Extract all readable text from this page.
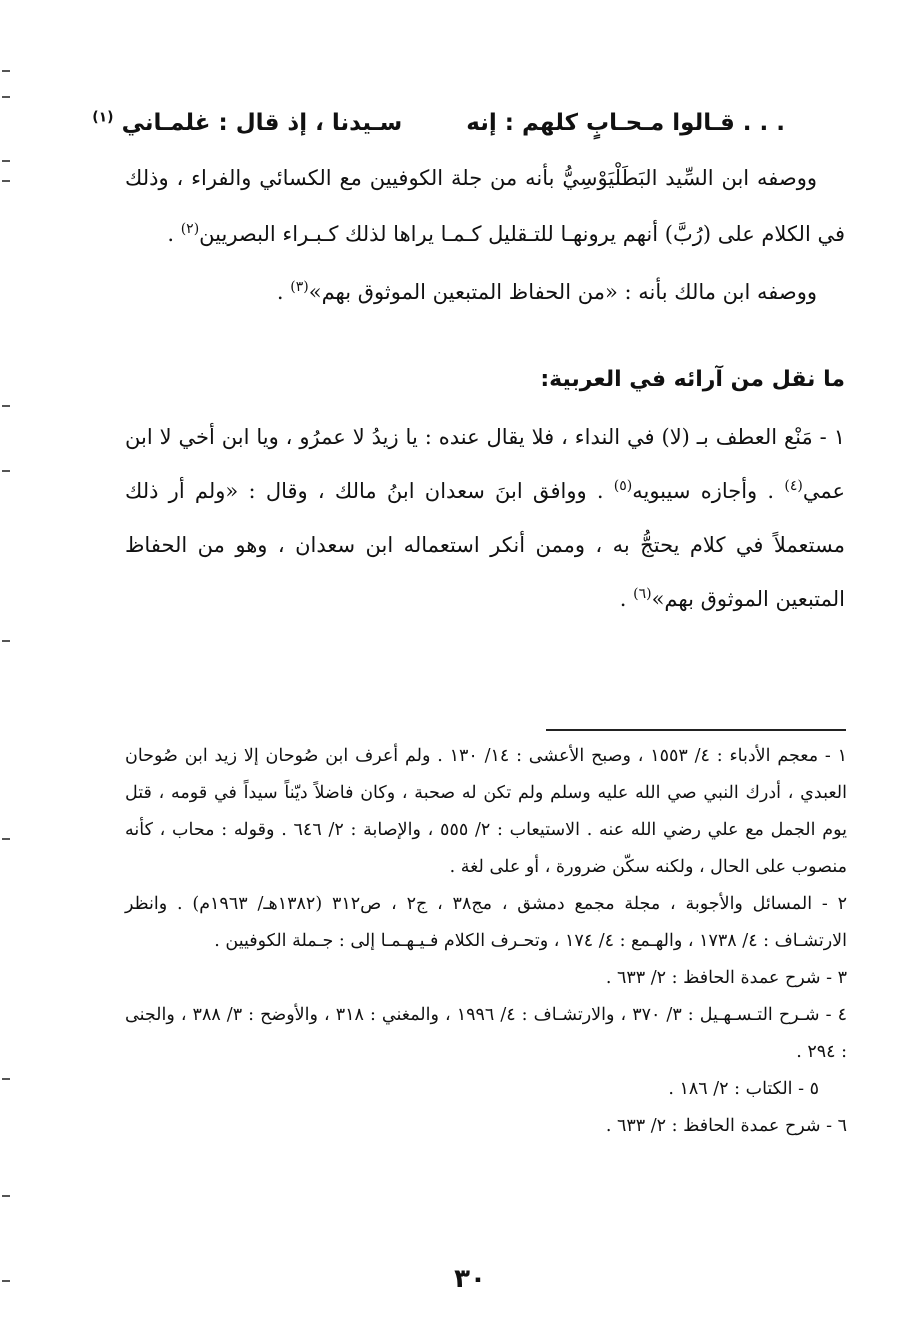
. . . قـالوا مـحـابٍ كلهم : إنه  سـيدنا ، إذ قال : غلمـاني $^{(١)}$

ووصفه ابن السِّيد البَطَلْيَوْسِيُّ بأنه من جلة الكوفيين مع الكسائي والفراء ، وذلك في الكلام على (رُبَّ) أنهم يرونهـا للتـقليل كـمـا يراها لذلك كـبـراء البصريين$^{(٢)}$ .

ووصفه ابن مالك بأنه : «من الحفاظ المتبعين الموثوق بهم»$^{(٣)}$ .

ما نقل من آرائه في العربية:

١ - مَنْع العطف بـ (لا) في النداء ، فلا يقال عنده : يا زيدُ لا عمرُو ، ويا ابن أخي لا ابن عمي$^{(٤)}$ . وأجازه سيبويه$^{(٥)}$ . ووافق ابنَ سعدان ابنُ مالك ، وقال : «ولم أر ذلك مستعملاً في كلام يحتجُّ به ، وممن أنكر استعماله ابن سعدان ، وهو من الحفاظ المتبعين الموثوق بهم»$^{(٦)}$ .

١ - معجم الأدباء : ٤/ ١٥٥٣ ، وصبح الأعشى : ١٤/ ١٣٠ . ولم أعرف ابن صُوحان إلا زيد ابن صُوحان العبدي ، أدرك النبي صي الله عليه وسلم ولم تكن له صحبة ، وكان فاضلاً ديّناً سيداً في قومه ، قتل يوم الجمل مع علي رضي الله عنه . الاستيعاب : ٢/ ٥٥٥ ، والإصابة : ٢/ ٦٤٦ . وقوله : محاب ، كأنه منصوب على الحال ، ولكنه سكّن ضرورة ، أو على لغة .

٢ - المسائل والأجوبة ، مجلة مجمع دمشق ، مج٣٨ ، ج٢ ، ص٣١٢ (١٣٨٢هـ/ ١٩٦٣م) . وانظر الارتشـاف : ٤/ ١٧٣٨ ، والهـمع : ٤/ ١٧٤ ، وتحـرف الكلام فـيـهـمـا إلى : جـملة الكوفيين .

٣ - شرح عمدة الحافظ : ٢/ ٦٣٣ .

٤ - شـرح التـسـهـيل : ٣/ ٣٧٠ ، والارتشـاف : ٤/ ١٩٩٦ ، والمغني : ٣١٨ ، والأوضح : ٣/ ٣٨٨ ، والجنى : ٢٩٤ .

٥ - الكتاب : ٢/ ١٨٦ .

٦ - شرح عمدة الحافظ : ٢/ ٦٣٣ .

٣٠
